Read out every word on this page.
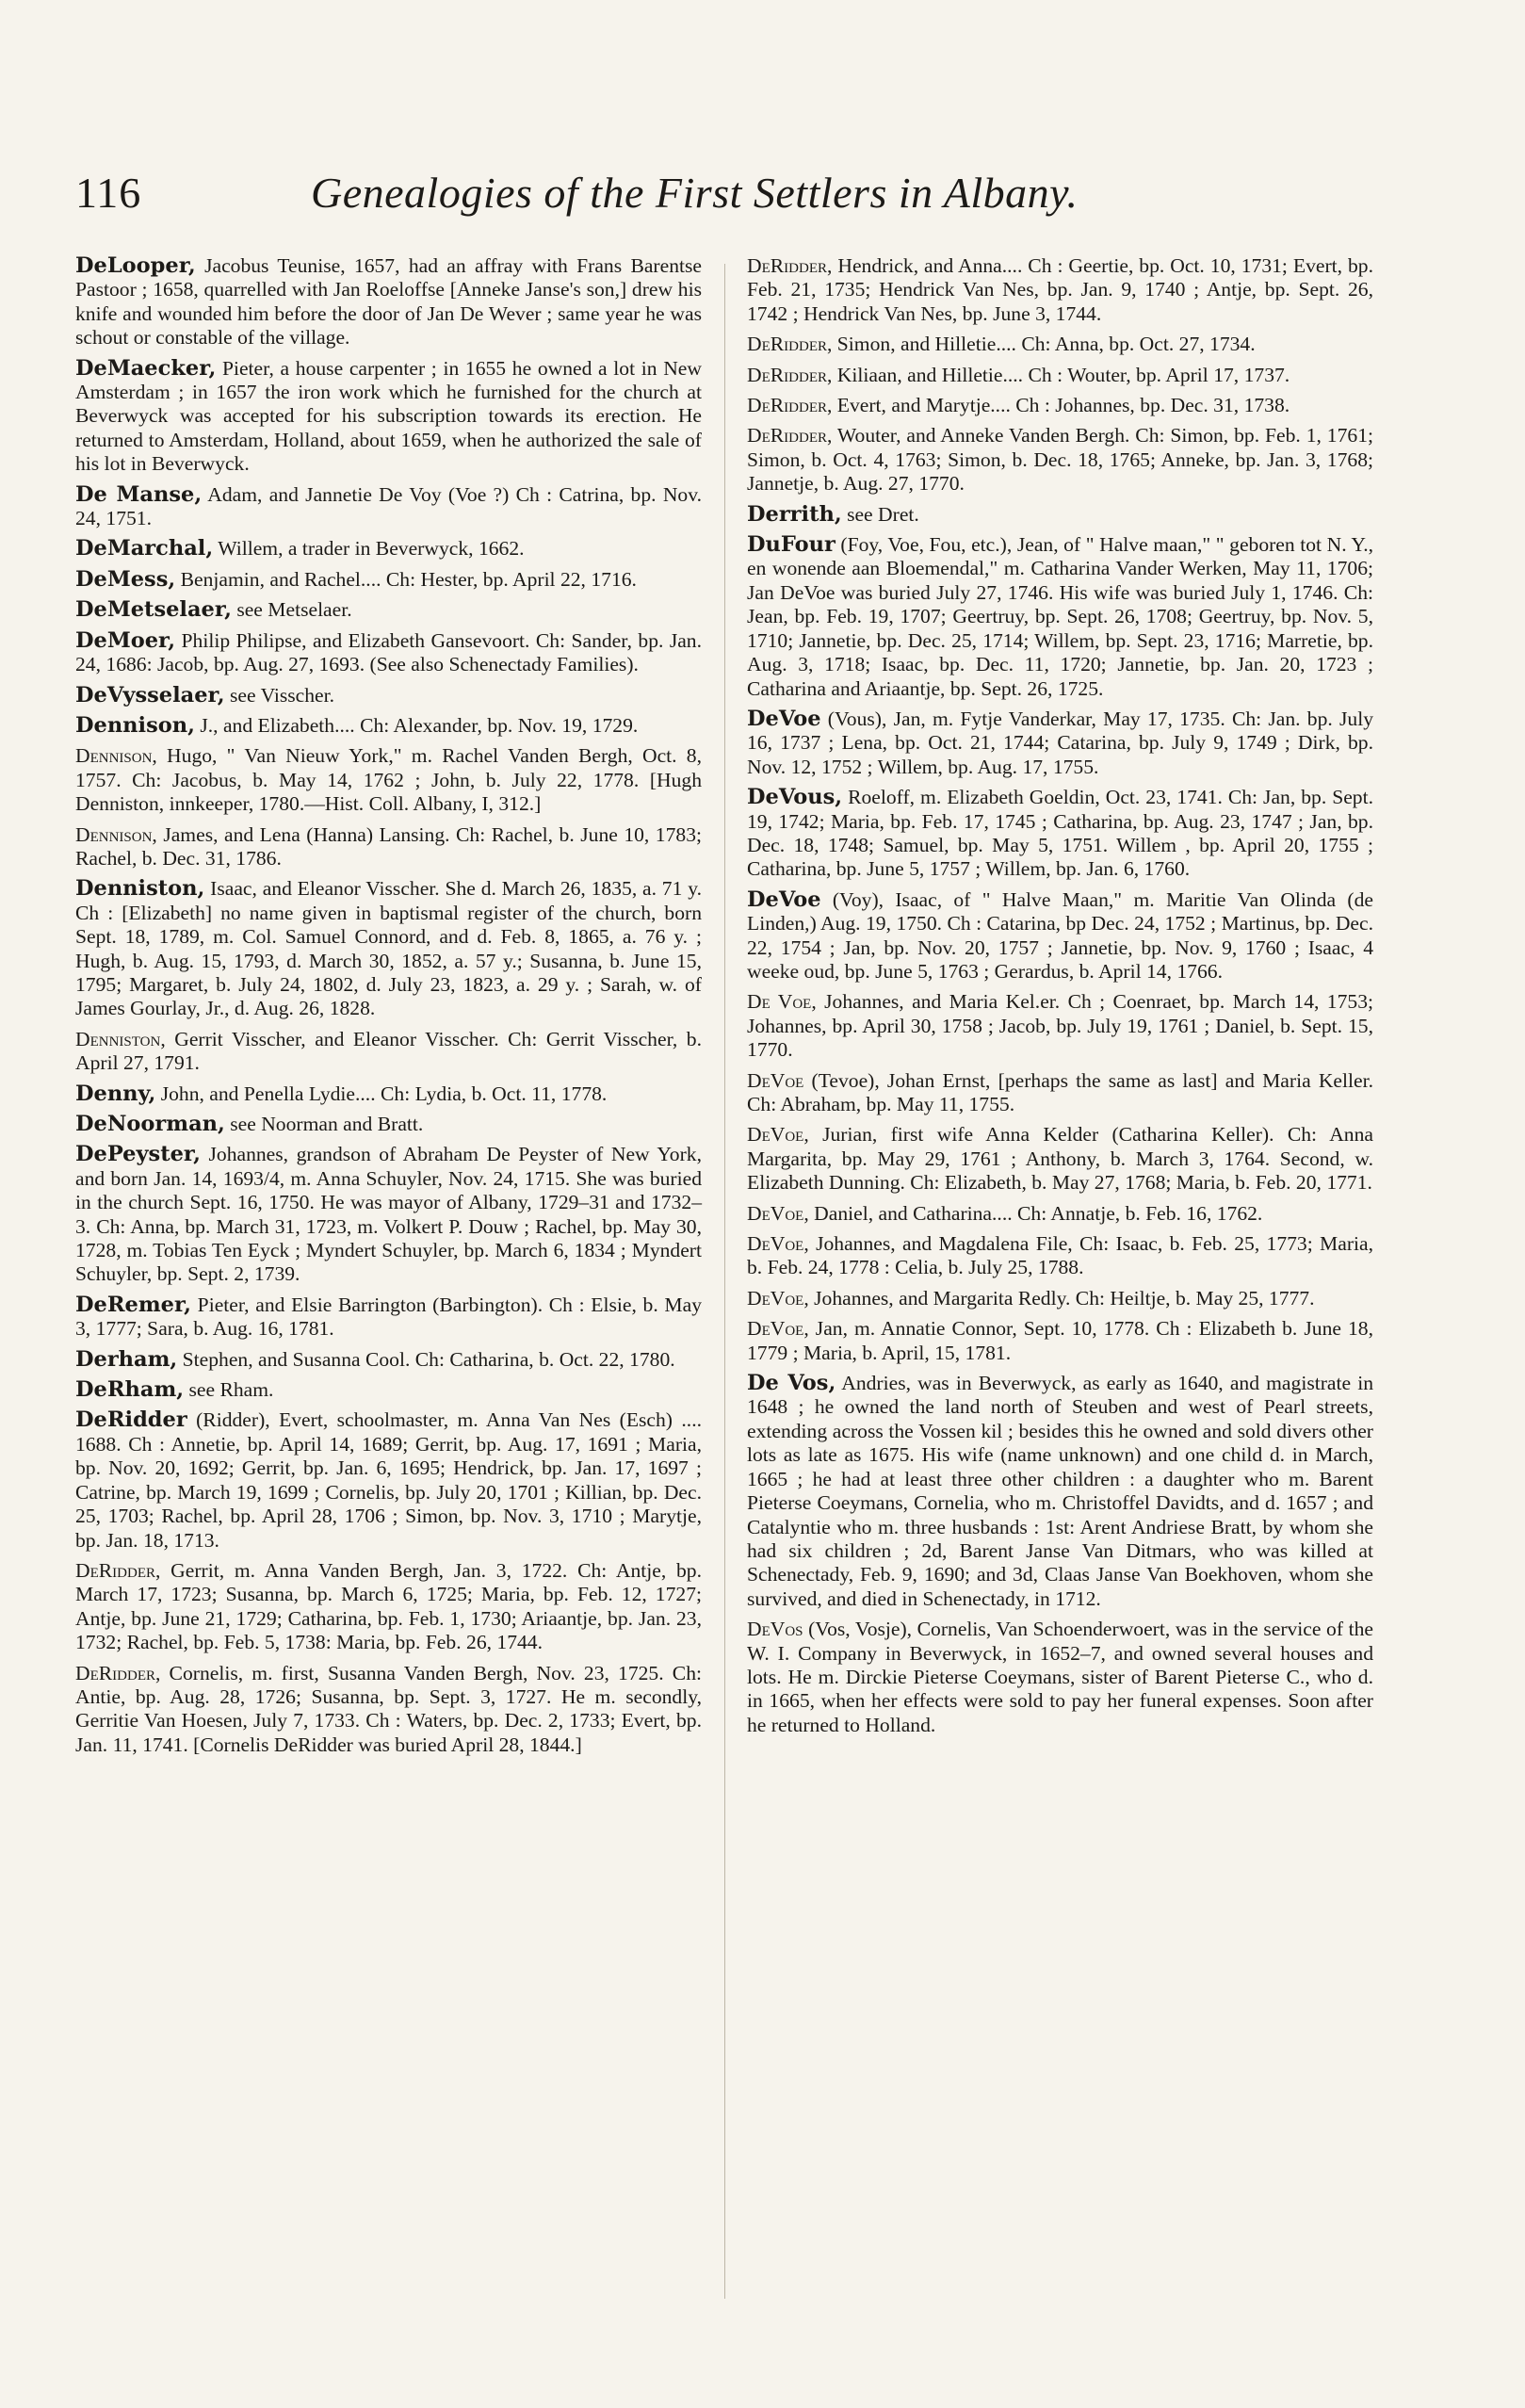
116	Genealogies of the First Settlers in Albany.

DeLooper, Jacobus Teunise, 1657, had an affray with Frans Barentse Pastoor ; 1658, quarrelled with Jan Roeloffse [Anneke Janse's son,] drew his knife and wounded him before the door of Jan De Wever ; same year he was schout or constable of the village.

DeMaecker, Pieter, a house carpenter ; in 1655 he owned a lot in New Amsterdam ; in 1657 the iron work which he furnished for the church at Beverwyck was accepted for his subscription towards its erection. He returned to Amsterdam, Holland, about 1659, when he authorized the sale of his lot in Beverwyck.

De Manse, Adam, and Jannetie De Voy (Voe ?) Ch : Catrina, bp. Nov. 24, 1751.

DeMarchal, Willem, a trader in Beverwyck, 1662.

DeMess, Benjamin, and Rachel.... Ch: Hester, bp. April 22, 1716.

DeMetselaer, see Metselaer.

DeMoer, Philip Philipse, and Elizabeth Gansevoort. Ch: Sander, bp. Jan. 24, 1686: Jacob, bp. Aug. 27, 1693. (See also Schenectady Families).

DeVysselaer, see Visscher.

Dennison, J., and Elizabeth.... Ch: Alexander, bp. Nov. 19, 1729.

Dennison, Hugo, " Van Nieuw York," m. Rachel Vanden Bergh, Oct. 8, 1757. Ch: Jacobus, b. May 14, 1762 ; John, b. July 22, 1778. [Hugh Denniston, innkeeper, 1780.—Hist. Coll. Albany, I, 312.]

Dennison, James, and Lena (Hanna) Lansing. Ch: Rachel, b. June 10, 1783; Rachel, b. Dec. 31, 1786.

Denniston, Isaac, and Eleanor Visscher. She d. March 26, 1835, a. 71 y. Ch : [Elizabeth] no name given in baptismal register of the church, born Sept. 18, 1789, m. Col. Samuel Connord, and d. Feb. 8, 1865, a. 76 y. ; Hugh, b. Aug. 15, 1793, d. March 30, 1852, a. 57 y.; Susanna, b. June 15, 1795; Margaret, b. July 24, 1802, d. July 23, 1823, a. 29 y. ; Sarah, w. of James Gourlay, Jr., d. Aug. 26, 1828.

Denniston, Gerrit Visscher, and Eleanor Visscher. Ch: Gerrit Visscher, b. April 27, 1791.

Denny, John, and Penella Lydie.... Ch: Lydia, b. Oct. 11, 1778.

DeNoorman, see Noorman and Bratt.

DePeyster, Johannes, grandson of Abraham De Peyster of New York, and born Jan. 14, 1693/4, m. Anna Schuyler, Nov. 24, 1715. She was buried in the church Sept. 16, 1750. He was mayor of Albany, 1729–31 and 1732–3. Ch: Anna, bp. March 31, 1723, m. Volkert P. Douw ; Rachel, bp. May 30, 1728, m. Tobias Ten Eyck ; Myndert Schuyler, bp. March 6, 1834 ; Myndert Schuyler, bp. Sept. 2, 1739.

DeRemer, Pieter, and Elsie Barrington (Barbington). Ch : Elsie, b. May 3, 1777; Sara, b. Aug. 16, 1781.

Derham, Stephen, and Susanna Cool. Ch: Catharina, b. Oct. 22, 1780.

DeRham, see Rham.

DeRidder (Ridder), Evert, schoolmaster, m. Anna Van Nes (Esch) .... 1688. Ch : Annetie, bp. April 14, 1689; Gerrit, bp. Aug. 17, 1691 ; Maria, bp. Nov. 20, 1692; Gerrit, bp. Jan. 6, 1695; Hendrick, bp. Jan. 17, 1697 ; Catrine, bp. March 19, 1699 ; Cornelis, bp. July 20, 1701 ; Killian, bp. Dec. 25, 1703; Rachel, bp. April 28, 1706 ; Simon, bp. Nov. 3, 1710 ; Marytje, bp. Jan. 18, 1713.

DeRidder, Gerrit, m. Anna Vanden Bergh, Jan. 3, 1722. Ch: Antje, bp. March 17, 1723; Susanna, bp. March 6, 1725; Maria, bp. Feb. 12, 1727; Antje, bp. June 21, 1729; Catharina, bp. Feb. 1, 1730; Ariaantje, bp. Jan. 23, 1732; Rachel, bp. Feb. 5, 1738: Maria, bp. Feb. 26, 1744.

DeRidder, Cornelis, m. first, Susanna Vanden Bergh, Nov. 23, 1725. Ch: Antie, bp. Aug. 28, 1726; Susanna, bp. Sept. 3, 1727. He m. secondly, Gerritie Van Hoesen, July 7, 1733. Ch : Waters, bp. Dec. 2, 1733; Evert, bp. Jan. 11, 1741. [Cornelis DeRidder was buried April 28, 1844.]

DeRidder, Hendrick, and Anna.... Ch : Geertie, bp. Oct. 10, 1731; Evert, bp. Feb. 21, 1735; Hendrick Van Nes, bp. Jan. 9, 1740 ; Antje, bp. Sept. 26, 1742 ; Hendrick Van Nes, bp. June 3, 1744.

DeRidder, Simon, and Hilletie.... Ch: Anna, bp. Oct. 27, 1734.

DeRidder, Kiliaan, and Hilletie.... Ch : Wouter, bp. April 17, 1737.

DeRidder, Evert, and Marytje.... Ch : Johannes, bp. Dec. 31, 1738.

DeRidder, Wouter, and Anneke Vanden Bergh. Ch: Simon, bp. Feb. 1, 1761; Simon, b. Oct. 4, 1763; Simon, b. Dec. 18, 1765; Anneke, bp. Jan. 3, 1768; Jannetje, b. Aug. 27, 1770.

Derrith, see Dret.

DuFour (Foy, Voe, Fou, etc.), Jean, of " Halve maan," " geboren tot N. Y., en wonende aan Bloemendal," m. Catharina Vander Werken, May 11, 1706; Jan DeVoe was buried July 27, 1746. His wife was buried July 1, 1746. Ch: Jean, bp. Feb. 19, 1707; Geertruy, bp. Sept. 26, 1708; Geertruy, bp. Nov. 5, 1710; Jannetie, bp. Dec. 25, 1714; Willem, bp. Sept. 23, 1716; Marretie, bp. Aug. 3, 1718; Isaac, bp. Dec. 11, 1720; Jannetie, bp. Jan. 20, 1723 ; Catharina and Ariaantje, bp. Sept. 26, 1725.

DeVoe (Vous), Jan, m. Fytje Vanderkar, May 17, 1735. Ch: Jan. bp. July 16, 1737 ; Lena, bp. Oct. 21, 1744; Catarina, bp. July 9, 1749 ; Dirk, bp. Nov. 12, 1752 ; Willem, bp. Aug. 17, 1755.

DeVous, Roeloff, m. Elizabeth Goeldin, Oct. 23, 1741. Ch: Jan, bp. Sept. 19, 1742; Maria, bp. Feb. 17, 1745 ; Catharina, bp. Aug. 23, 1747 ; Jan, bp. Dec. 18, 1748; Samuel, bp. May 5, 1751. Willem , bp. April 20, 1755 ; Catharina, bp. June 5, 1757 ; Willem, bp. Jan. 6, 1760.

DeVoe (Voy), Isaac, of " Halve Maan," m. Maritie Van Olinda (de Linden,) Aug. 19, 1750. Ch : Catarina, bp Dec. 24, 1752 ; Martinus, bp. Dec. 22, 1754 ; Jan, bp. Nov. 20, 1757 ; Jannetie, bp. Nov. 9, 1760 ; Isaac, 4 weeke oud, bp. June 5, 1763 ; Gerardus, b. April 14, 1766.

De Voe, Johannes, and Maria Kel.er. Ch ; Coenraet, bp. March 14, 1753; Johannes, bp. April 30, 1758 ; Jacob, bp. July 19, 1761 ; Daniel, b. Sept. 15, 1770.

DeVoe (Tevoe), Johan Ernst, [perhaps the same as last] and Maria Keller. Ch: Abraham, bp. May 11, 1755.

DeVoe, Jurian, first wife Anna Kelder (Catharina Keller). Ch: Anna Margarita, bp. May 29, 1761 ; Anthony, b. March 3, 1764. Second, w. Elizabeth Dunning. Ch: Elizabeth, b. May 27, 1768; Maria, b. Feb. 20, 1771.

DeVoe, Daniel, and Catharina.... Ch: Annatje, b. Feb. 16, 1762.

DeVoe, Johannes, and Magdalena File, Ch: Isaac, b. Feb. 25, 1773; Maria, b. Feb. 24, 1778 : Celia, b. July 25, 1788.

DeVoe, Johannes, and Margarita Redly. Ch: Heiltje, b. May 25, 1777.

DeVoe, Jan, m. Annatie Connor, Sept. 10, 1778. Ch : Elizabeth b. June 18, 1779 ; Maria, b. April, 15, 1781.

De Vos, Andries, was in Beverwyck, as early as 1640, and magistrate in 1648 ; he owned the land north of Steuben and west of Pearl streets, extending across the Vossen kil ; besides this he owned and sold divers other lots as late as 1675. His wife (name unknown) and one child d. in March, 1665 ; he had at least three other children : a daughter who m. Barent Pieterse Coeymans, Cornelia, who m. Christoffel Davidts, and d. 1657 ; and Catalyntie who m. three husbands : 1st: Arent Andriese Bratt, by whom she had six children ; 2d, Barent Janse Van Ditmars, who was killed at Schenectady, Feb. 9, 1690; and 3d, Claas Janse Van Boekhoven, whom she survived, and died in Schenectady, in 1712.

DeVos (Vos, Vosje), Cornelis, Van Schoenderwoert, was in the service of the W. I. Company in Beverwyck, in 1652–7, and owned several houses and lots. He m. Dirckie Pieterse Coeymans, sister of Barent Pieterse C., who d. in 1665, when her effects were sold to pay her funeral expenses. Soon after he returned to Holland.
